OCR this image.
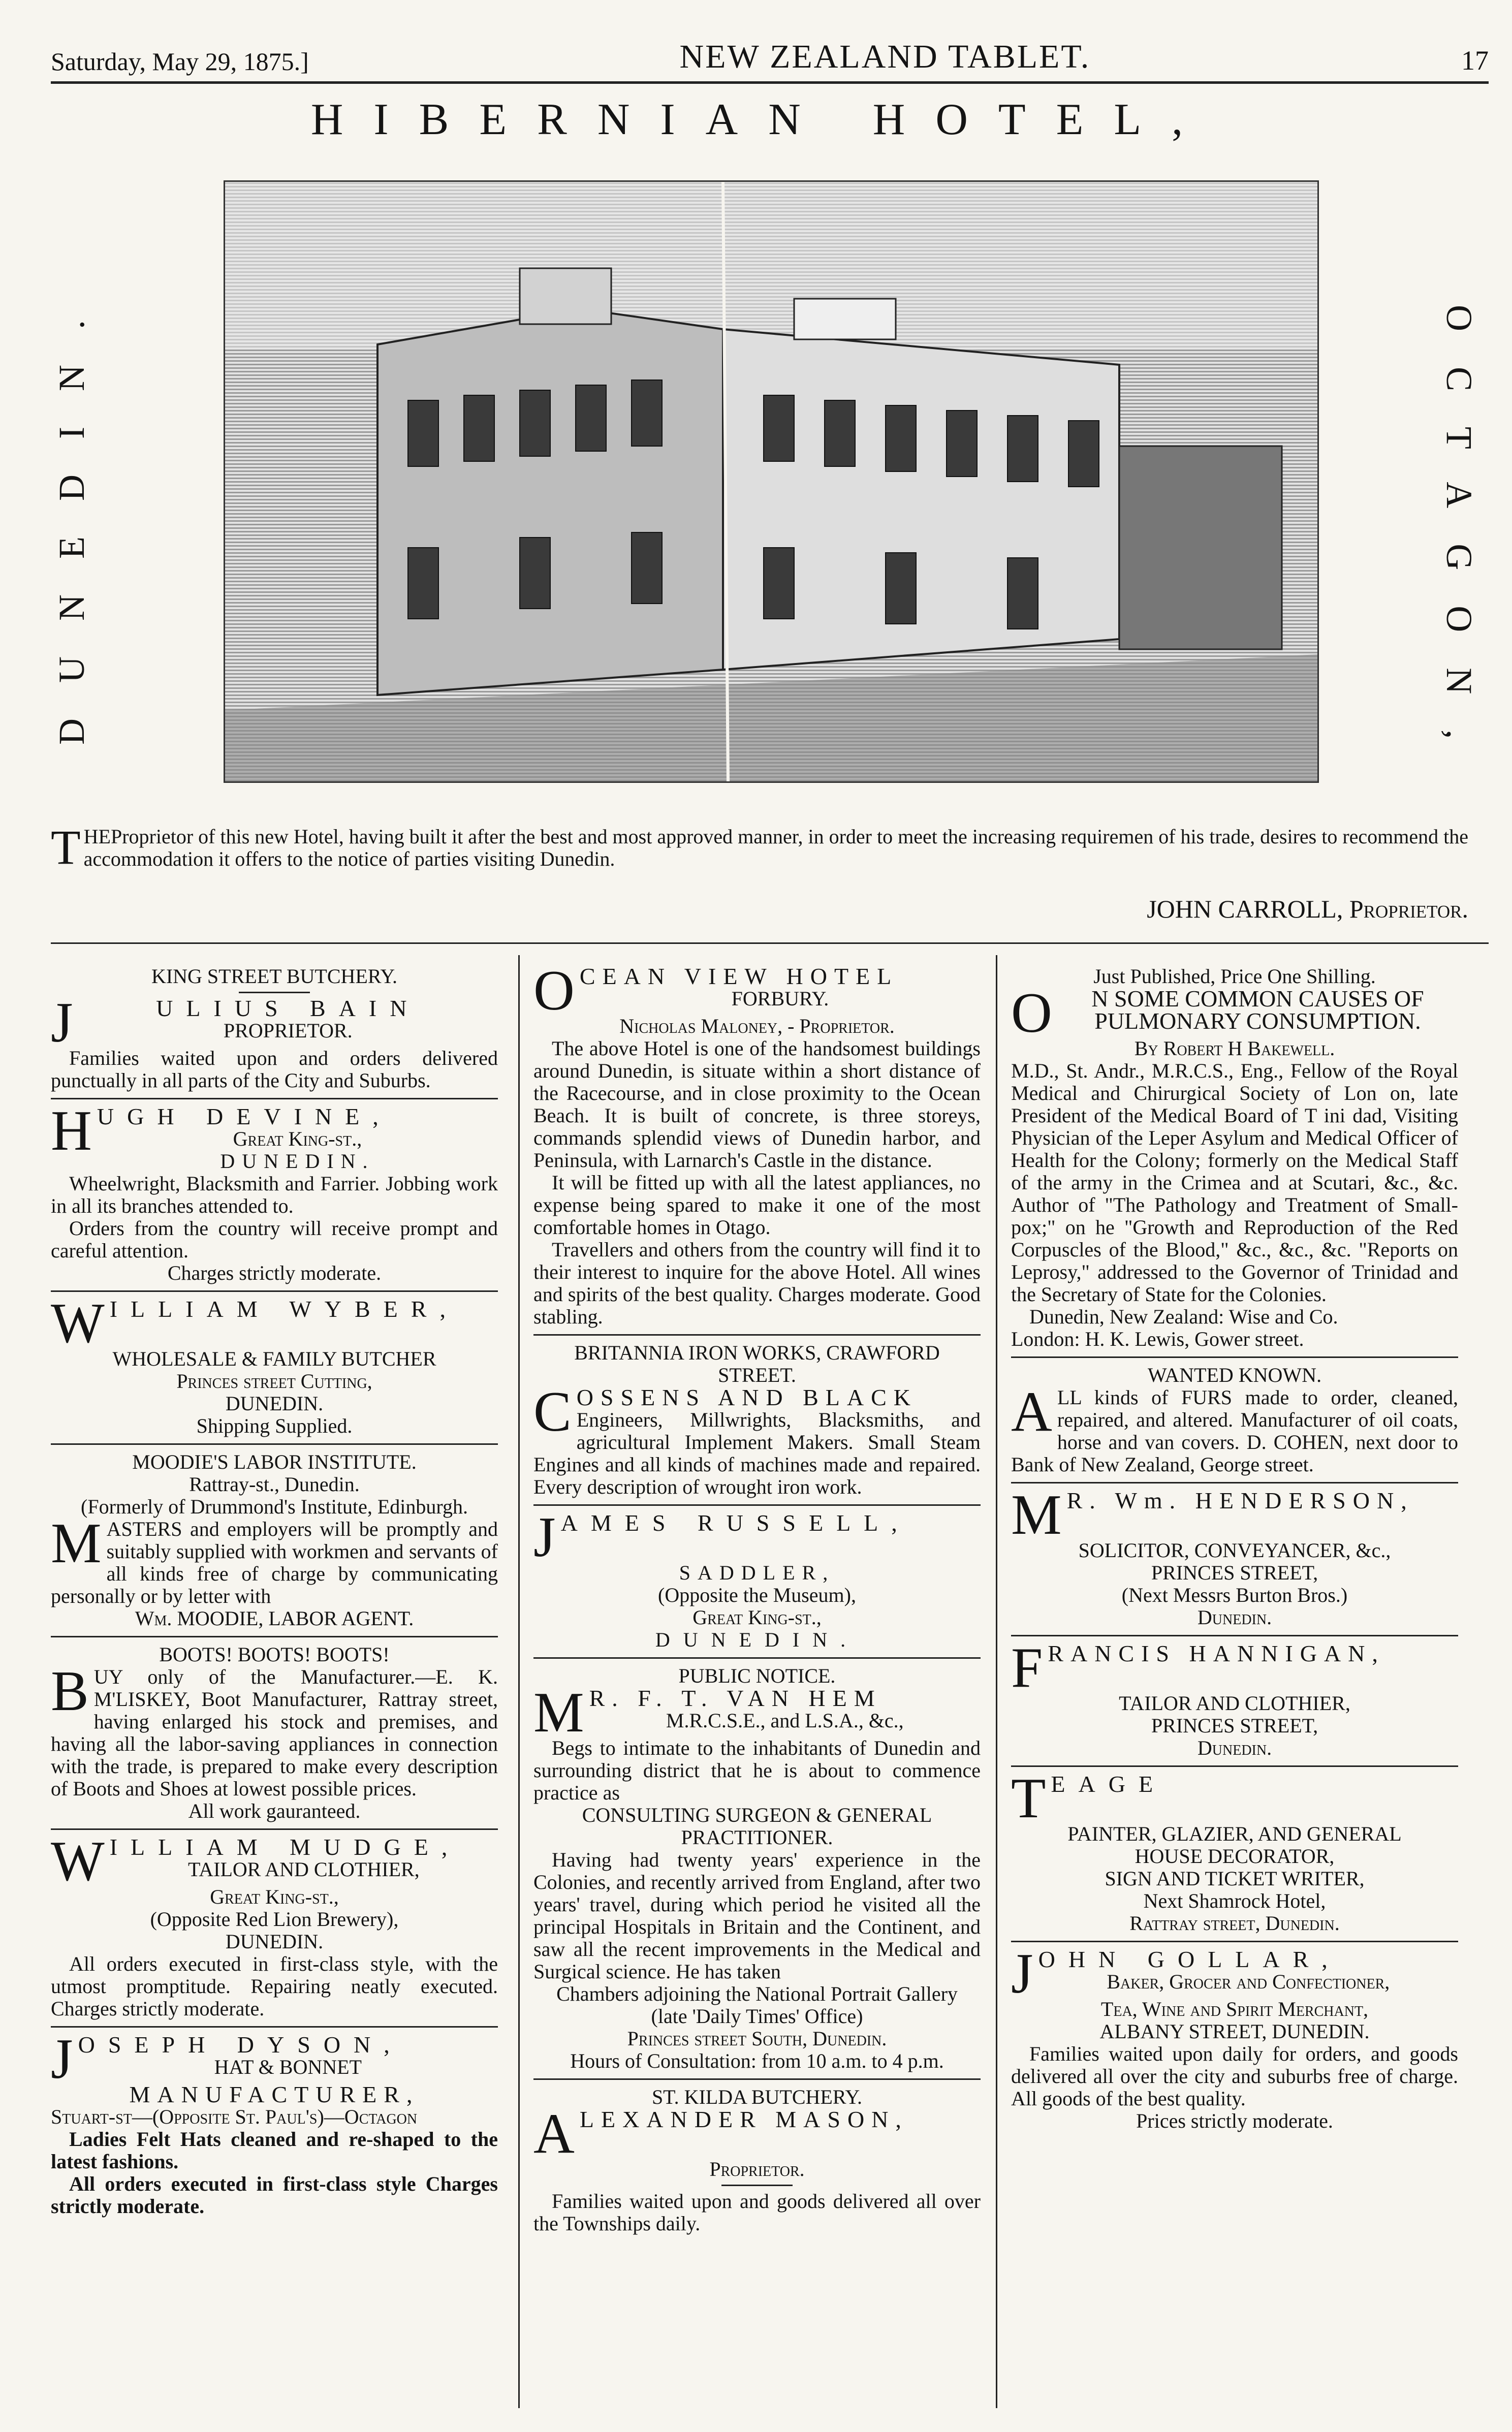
Saturday, May 29, 1875.]	NEW ZEALAND TABLET.	17
HIBERNIAN HOTEL,
DUNEDIN.	OCTAGON,
T HEProprietor of this new Hotel, having built it after the best and most approved manner, in order to meet the increasing requiremen of his trade, desires to recommend the accommodation it offers to the notice of parties visiting Dunedin.
JOHN CARROLL, Proprietor.
KING STREET BUTCHERY.
J	ULIUS BAIN
PROPRIETOR.
Families waited upon and orders delivered punctually in all parts of the City and Suburbs.
H UGH DEVINE,
Great King-st.,
DUNEDIN.
Wheelwright, Blacksmith and Farrier. Jobbing work in all its branches attended to.
Orders from the country will receive prompt and careful attention.
Charges strictly moderate.
W ILLIAM WYBER,
WHOLESALE & FAMILY BUTCHER
Princes street Cutting,
DUNEDIN.
Shipping Supplied.
MOODIE'S LABOR INSTITUTE.
Rattray-st., Dunedin.
(Formerly of Drummond's Institute, Edinburgh.
M ASTERS and employers will be promptly and suitably supplied with workmen and servants of all kinds free of charge by communicating personally or by letter with
Wm. MOODIE, LABOR AGENT.
BOOTS! BOOTS! BOOTS!
B UY only of the Manufacturer.—E. K. M'LISKEY, Boot Manufacturer, Rattray street, having enlarged his stock and premises, and having all the labor-saving appliances in connection with the trade, is prepared to make every description of Boots and Shoes at lowest possible prices.
All work gauranteed.
W ILLIAM MUDGE,
TAILOR AND CLOTHIER,
Great King-st.,
(Opposite Red Lion Brewery),
DUNEDIN.
All orders executed in first-class style, with the utmost promptitude. Repairing neatly executed. Charges strictly moderate.
J OSEPH DYSON,
HAT & BONNET
MANUFACTURER,
Stuart-st—(Opposite St. Paul's)—Octagon
Ladies Felt Hats cleaned and re-shaped to the latest fashions.
All orders executed in first-class style Charges strictly moderate.
O CEAN VIEW HOTEL
FORBURY.
Nicholas Maloney, - Proprietor.
The above Hotel is one of the handsomest buildings around Dunedin, is situate within a short distance of the Racecourse, and in close proximity to the Ocean Beach. It is built of concrete, is three storeys, commands splendid views of Dunedin harbor, and Peninsula, with Larnarch's Castle in the distance.
It will be fitted up with all the latest appliances, no expense being spared to make it one of the most comfortable homes in Otago.
Travellers and others from the country will find it to their interest to inquire for the above Hotel. All wines and spirits of the best quality. Charges moderate. Good stabling.
BRITANNIA IRON WORKS, CRAWFORD STREET.
C OSSENS AND BLACK
Engineers, Millwrights, Blacksmiths, and agricultural Implement Makers. Small Steam Engines and all kinds of machines made and repaired. Every description of wrought iron work.
J AMES RUSSELL,
SADDLER,
(Opposite the Museum),
Great King-st.,
DUNEDIN.
PUBLIC NOTICE.
M R. F. T. VAN HEM
M.R.C.S.E., and L.S.A., &c.,
Begs to intimate to the inhabitants of Dunedin and surrounding district that he is about to commence practice as
CONSULTING SURGEON & GENERAL PRACTITIONER.
Having had twenty years' experience in the Colonies, and recently arrived from England, after two years' travel, during which period he visited all the principal Hospitals in Britain and the Continent, and saw all the recent improvements in the Medical and Surgical science. He has taken
Chambers adjoining the National Portrait Gallery
(late 'Daily Times' Office)
Princes street South, Dunedin.
Hours of Consultation: from 10 a.m. to 4 p.m.
ST. KILDA BUTCHERY.
A LEXANDER MASON,
Proprietor.
Families waited upon and goods delivered all over the Townships daily.
Just Published, Price One Shilling.
O	N SOME COMMON CAUSES OF PULMONARY CONSUMPTION.
By Robert H Bakewell.
M.D., St. Andr., M.R.C.S., Eng., Fellow of the Royal Medical and Chirurgical Society of Lon on, late President of the Medical Board of T ini dad, Visiting Physician of the Leper Asylum and Medical Officer of Health for the Colony; formerly on the Medical Staff of the army in the Crimea and at Scutari, &c., &c. Author of "The Pathology and Treatment of Small-pox;" on he "Growth and Reproduction of the Red Corpuscles of the Blood," &c., &c., &c. "Reports on Leprosy," addressed to the Governor of Trinidad and the Secretary of State for the Colonies.
Dunedin, New Zealand: Wise and Co.
London: H. K. Lewis, Gower street.
WANTED KNOWN.
A LL kinds of FURS made to order, cleaned, repaired, and altered. Manufacturer of oil coats, horse and van covers. D. COHEN, next door to Bank of New Zealand, George street.
M R. Wm. HENDERSON,
SOLICITOR, CONVEYANCER, &c.,
PRINCES STREET,
(Next Messrs Burton Bros.)
Dunedin.
F RANCIS HANNIGAN,
TAILOR AND CLOTHIER,
PRINCES STREET,
Dunedin.
T EAGE
PAINTER, GLAZIER, AND GENERAL
HOUSE DECORATOR,
SIGN AND TICKET WRITER,
Next Shamrock Hotel,
Rattray street, Dunedin.
J OHN GOLLAR,
Baker, Grocer and Confectioner,
Tea, Wine and Spirit Merchant,
ALBANY STREET, DUNEDIN.
Families waited upon daily for orders, and goods delivered all over the city and suburbs free of charge. All goods of the best quality.
Prices strictly moderate.
